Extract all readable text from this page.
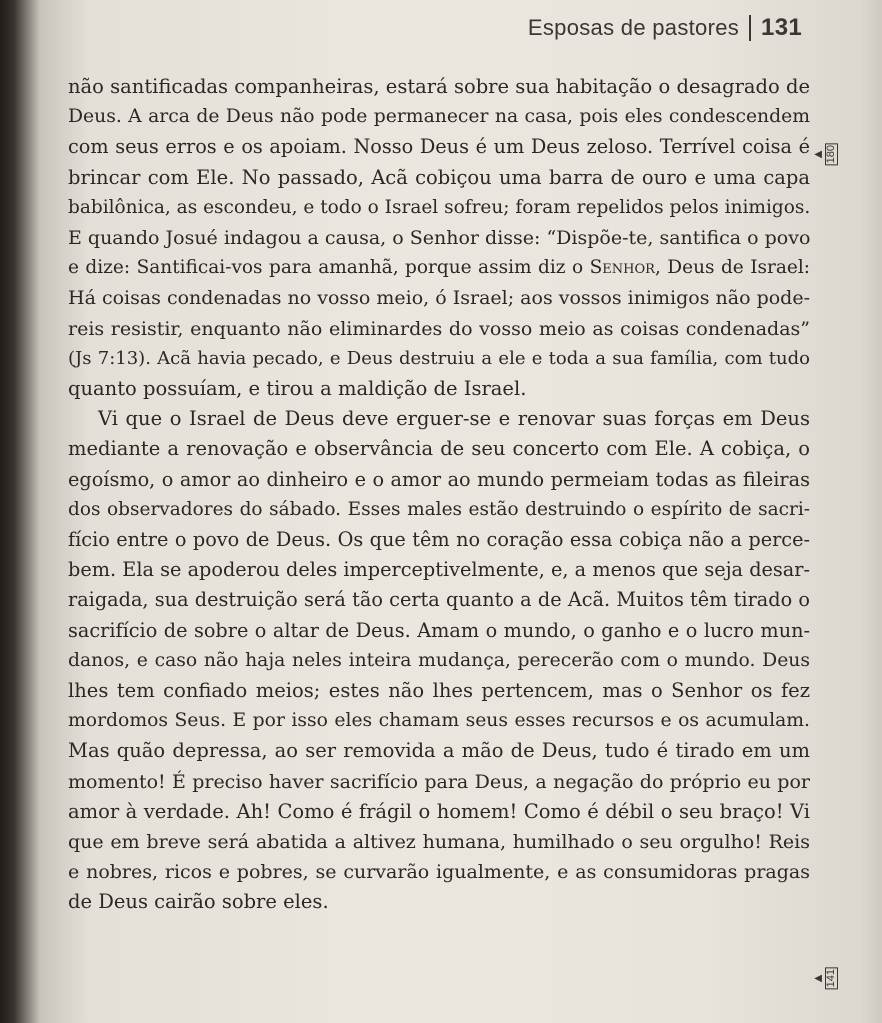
Esposas de pastores 131
◀ 180
◀ 141

não santificadas companheiras, estará sobre sua habitação o desagrado de
Deus. A arca de Deus não pode permanecer na casa, pois eles condescendem
com seus erros e os apoiam. Nosso Deus é um Deus zeloso. Terrível coisa é
brincar com Ele. No passado, Acã cobiçou uma barra de ouro e uma capa
babilônica, as escondeu, e todo o Israel sofreu; foram repelidos pelos inimigos.
E quando Josué indagou a causa, o Senhor disse: “Dispõe-te, santifica o povo
e dize: Santificai-vos para amanhã, porque assim diz o Senhor, Deus de Israel:
Há coisas condenadas no vosso meio, ó Israel; aos vossos inimigos não pode-
reis resistir, enquanto não eliminardes do vosso meio as coisas condenadas”
(Js 7:13). Acã havia pecado, e Deus destruiu a ele e toda a sua família, com tudo
quanto possuíam, e tirou a maldição de Israel.

Vi que o Israel de Deus deve erguer-se e renovar suas forças em Deus
mediante a renovação e observância de seu concerto com Ele. A cobiça, o
egoísmo, o amor ao dinheiro e o amor ao mundo permeiam todas as fileiras
dos observadores do sábado. Esses males estão destruindo o espírito de sacri-
fício entre o povo de Deus. Os que têm no coração essa cobiça não a perce-
bem. Ela se apoderou deles imperceptivelmente, e, a menos que seja desar-
raigada, sua destruição será tão certa quanto a de Acã. Muitos têm tirado o
sacrifício de sobre o altar de Deus. Amam o mundo, o ganho e o lucro mun-
danos, e caso não haja neles inteira mudança, perecerão com o mundo. Deus
lhes tem confiado meios; estes não lhes pertencem, mas o Senhor os fez
mordomos Seus. E por isso eles chamam seus esses recursos e os acumulam.
Mas quão depressa, ao ser removida a mão de Deus, tudo é tirado em um
momento! É preciso haver sacrifício para Deus, a negação do próprio eu por
amor à verdade. Ah! Como é frágil o homem! Como é débil o seu braço! Vi
que em breve será abatida a altivez humana, humilhado o seu orgulho! Reis
e nobres, ricos e pobres, se curvarão igualmente, e as consumidoras pragas
de Deus cairão sobre eles.
